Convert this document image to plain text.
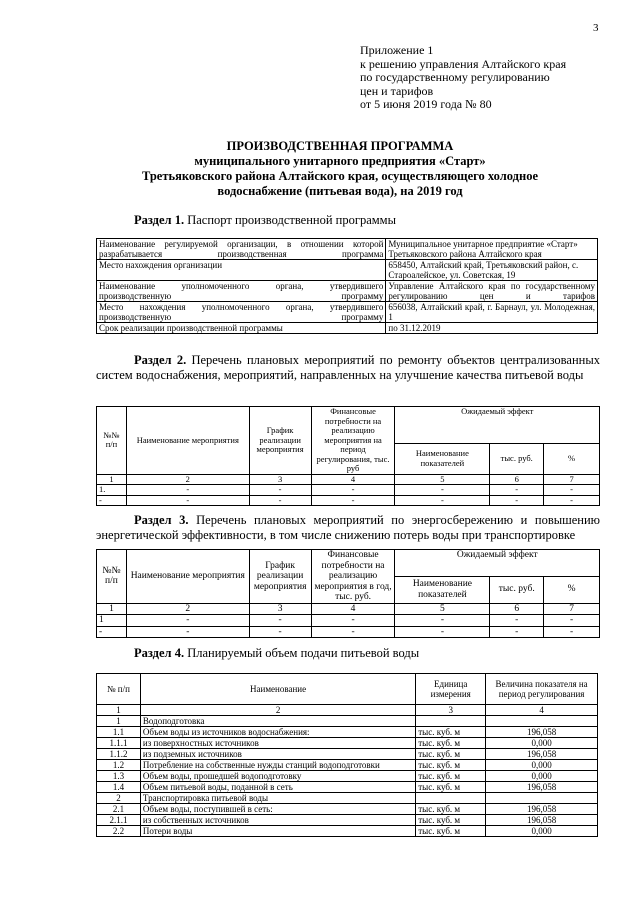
3
Приложение 1
к решению управления Алтайского края
по государственному регулированию
цен и тарифов
от 5 июня 2019 года № 80
ПРОИЗВОДСТВЕННАЯ ПРОГРАММА
муниципального унитарного предприятия «Старт»
Третьяковского района Алтайского края, осуществляющего холодное
водоснабжение (питьевая вода), на 2019 год
Раздел 1. Паспорт производственной программы
Наименование регулируемой организации, в отношении которой разрабатывается производственная программа	Муниципальное унитарное предприятие «Старт» Третьяковского района Алтайского края
Место нахождения организации	658450, Алтайский край, Третьяковский район, с. Староалейское, ул. Советская, 19
Наименование уполномоченного органа, утвердившего производственную программу	Управление Алтайского края по государственному регулированию цен и тарифов
Место нахождения уполномоченного органа, утвердившего производственную программу	656038, Алтайский край, г. Барнаул, ул. Молодежная, 1
Срок реализации производственной программы	по 31.12.2019
Раздел 2. Перечень плановых мероприятий по ремонту объектов централизованных систем водоснабжения, мероприятий, направленных на улучшение качества питьевой воды
№№ п/п	Наименование мероприятия	График реализации мероприятия	Финансовые потребности на реализацию мероприятия на период регулирования, тыс. руб	Ожидаемый эффект		
				Наименование показателей	тыс. руб.	%
1	2	3	4	5	6	7
1.	-	-	-	-	-	-
-	-	-	-	-	-	-
Раздел 3. Перечень плановых мероприятий по энергосбережению и повышению энергетической эффективности, в том числе снижению потерь воды при транспортировке
№№ п/п	Наименование мероприятия	График реализации мероприятия	Финансовые потребности на реализацию мероприятия в год, тыс. руб.	Ожидаемый эффект		
				Наименование показателей	тыс. руб.	%
1	2	3	4	5	6	7
1	-	-	-	-	-	-
-	-	-	-	-	-	-
Раздел 4. Планируемый объем подачи питьевой воды
№ п/п	Наименование	Единица измерения	Величина показателя на период регулирования
1	2	3	4
1	Водоподготовка		
1.1	Объем воды из источников водоснабжения:	тыс. куб. м	196,058
1.1.1	из поверхностных источников	тыс. куб. м	0,000
1.1.2	из подземных источников	тыс. куб. м	196,058
1.2	Потребление на собственные нужды станций водоподготовки	тыс. куб. м	0,000
1.3	Объем воды, прошедшей водоподготовку	тыс. куб. м	0,000
1.4	Объем питьевой воды, поданной в сеть	тыс. куб. м	196,058
2	Транспортировка питьевой воды		
2.1	Объем воды, поступившей в сеть:	тыс. куб. м	196,058
2.1.1	из собственных источников	тыс. куб. м	196,058
2.2	Потери воды	тыс. куб. м	0,000
